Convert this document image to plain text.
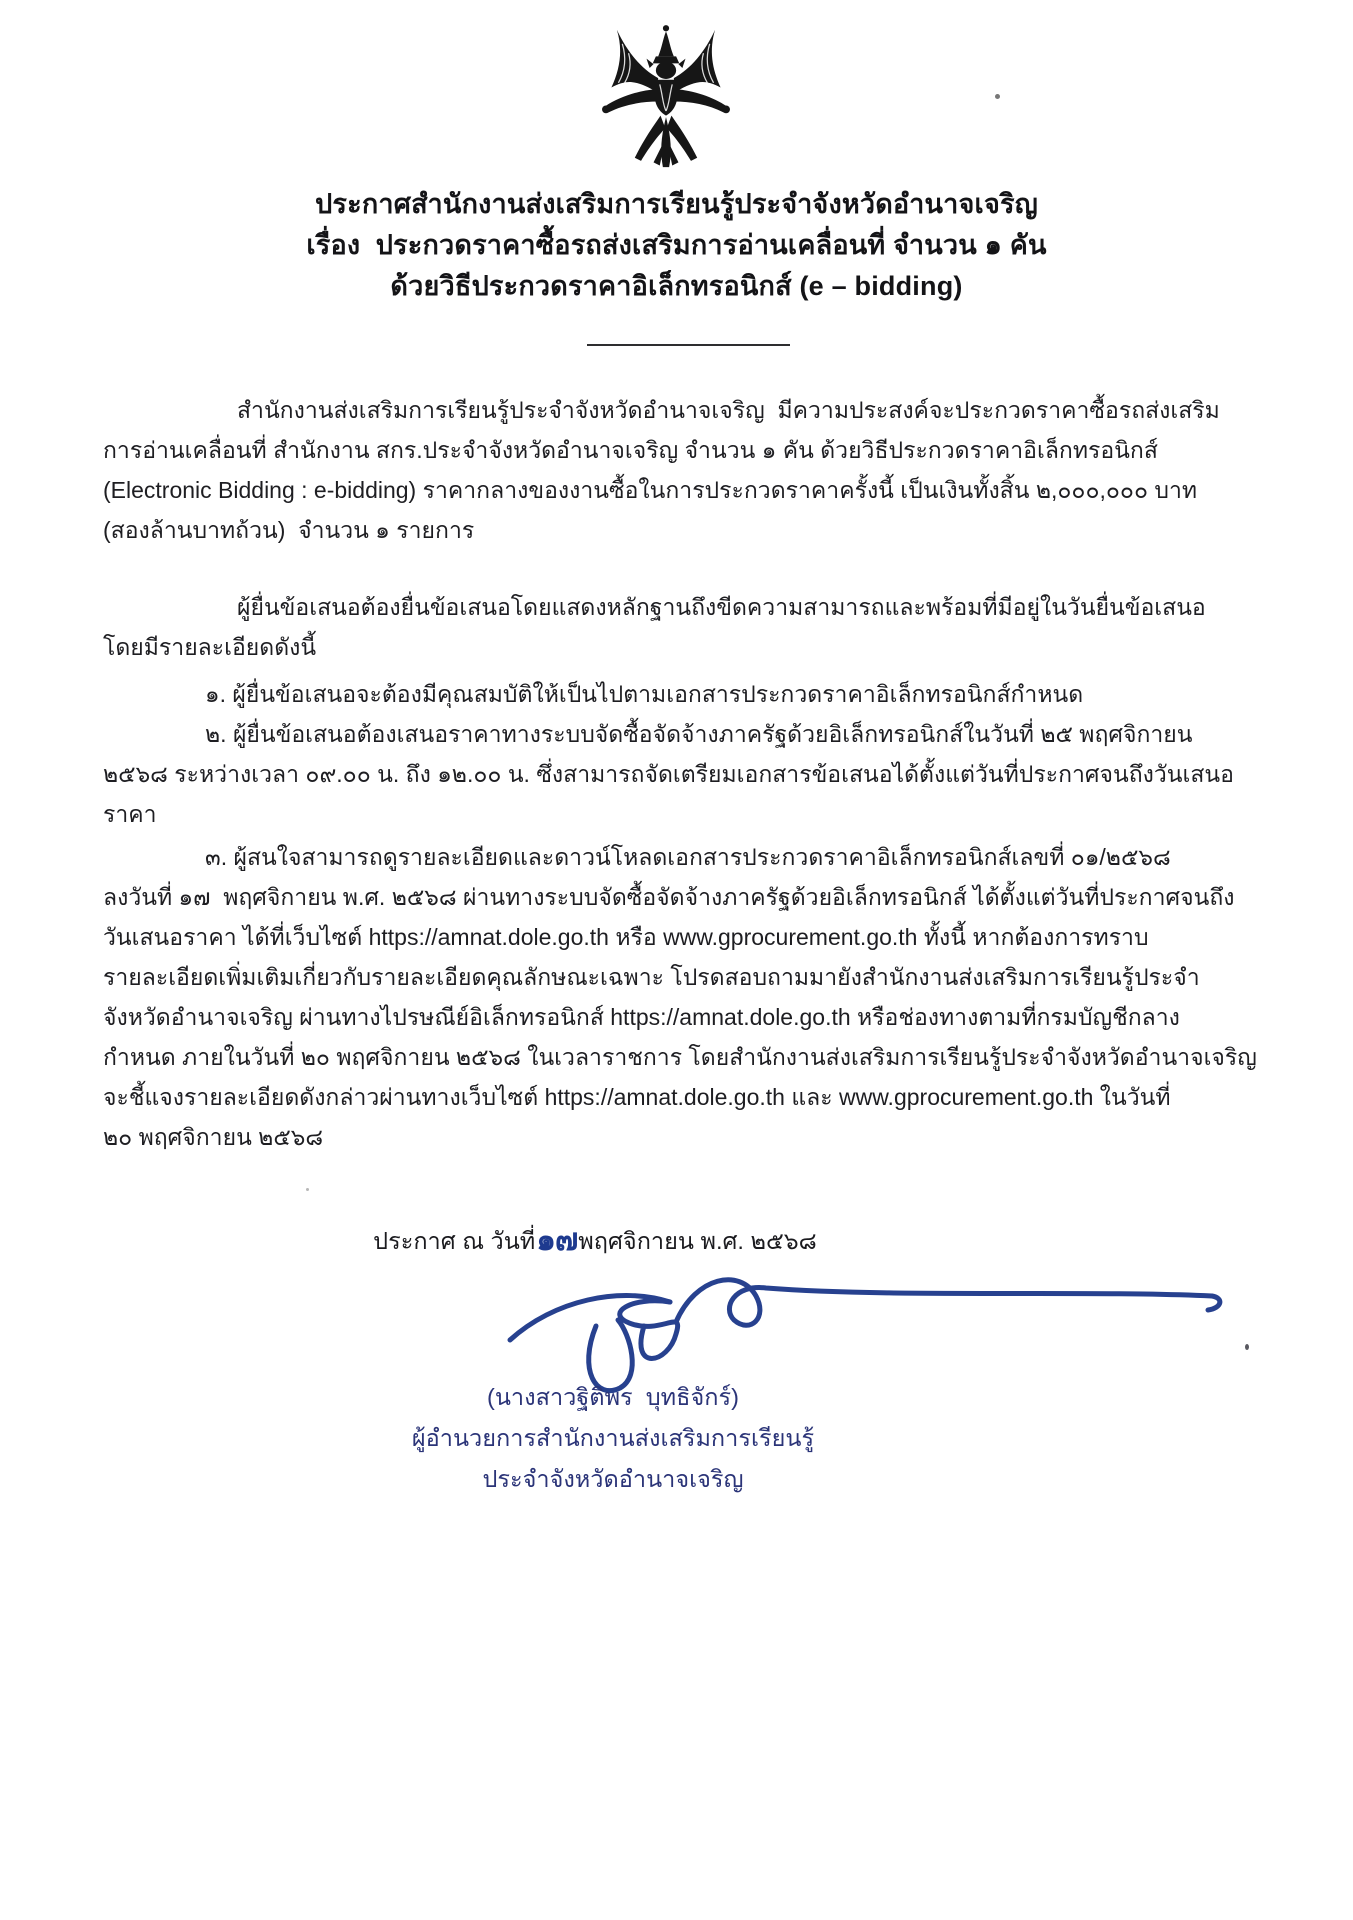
ประกาศสำนักงานส่งเสริมการเรียนรู้ประจำจังหวัดอำนาจเจริญ
เรื่อง  ประกวดราคาซื้อรถส่งเสริมการอ่านเคลื่อนที่ จำนวน ๑ คัน
ด้วยวิธีประกวดราคาอิเล็กทรอนิกส์ (e – bidding)
สำนักงานส่งเสริมการเรียนรู้ประจำจังหวัดอำนาจเจริญ  มีความประสงค์จะประกวดราคาซื้อรถส่งเสริม
การอ่านเคลื่อนที่ สำนักงาน สกร.ประจำจังหวัดอำนาจเจริญ จำนวน ๑ คัน ด้วยวิธีประกวดราคาอิเล็กทรอนิกส์
(Electronic Bidding : e-bidding) ราคากลางของงานซื้อในการประกวดราคาครั้งนี้ เป็นเงินทั้งสิ้น ๒,๐๐๐,๐๐๐ บาท
(สองล้านบาทถ้วน)  จำนวน ๑ รายการ
ผู้ยื่นข้อเสนอต้องยื่นข้อเสนอโดยแสดงหลักฐานถึงขีดความสามารถและพร้อมที่มีอยู่ในวันยื่นข้อเสนอ
โดยมีรายละเอียดดังนี้
๑. ผู้ยื่นข้อเสนอจะต้องมีคุณสมบัติให้เป็นไปตามเอกสารประกวดราคาอิเล็กทรอนิกส์กำหนด
๒. ผู้ยื่นข้อเสนอต้องเสนอราคาทางระบบจัดซื้อจัดจ้างภาครัฐด้วยอิเล็กทรอนิกส์ในวันที่ ๒๕ พฤศจิกายน
๒๕๖๘ ระหว่างเวลา ๐๙.๐๐ น. ถึง ๑๒.๐๐ น. ซึ่งสามารถจัดเตรียมเอกสารข้อเสนอได้ตั้งแต่วันที่ประกาศจนถึงวันเสนอ
ราคา
๓. ผู้สนใจสามารถดูรายละเอียดและดาวน์โหลดเอกสารประกวดราคาอิเล็กทรอนิกส์เลขที่ ๐๑/๒๕๖๘
ลงวันที่ ๑๗  พฤศจิกายน พ.ศ. ๒๕๖๘ ผ่านทางระบบจัดซื้อจัดจ้างภาครัฐด้วยอิเล็กทรอนิกส์ ได้ตั้งแต่วันที่ประกาศจนถึง
วันเสนอราคา ได้ที่เว็บไซต์ https://amnat.dole.go.th หรือ www.gprocurement.go.th ทั้งนี้ หากต้องการทราบ
รายละเอียดเพิ่มเติมเกี่ยวกับรายละเอียดคุณลักษณะเฉพาะ โปรดสอบถามมายังสำนักงานส่งเสริมการเรียนรู้ประจำ
จังหวัดอำนาจเจริญ ผ่านทางไปรษณีย์อิเล็กทรอนิกส์ https://amnat.dole.go.th หรือช่องทางตามที่กรมบัญชีกลาง
กำหนด ภายในวันที่ ๒๐ พฤศจิกายน ๒๕๖๘ ในเวลาราชการ โดยสำนักงานส่งเสริมการเรียนรู้ประจำจังหวัดอำนาจเจริญ
จะชี้แจงรายละเอียดดังกล่าวผ่านทางเว็บไซต์ https://amnat.dole.go.th และ www.gprocurement.go.th ในวันที่
๒๐ พฤศจิกายน ๒๕๖๘
ประกาศ ณ วันที่๑๗พฤศจิกายน พ.ศ. ๒๕๖๘
(นางสาวฐิติพร  บุทธิจักร์)
ผู้อำนวยการสำนักงานส่งเสริมการเรียนรู้
ประจำจังหวัดอำนาจเจริญ
